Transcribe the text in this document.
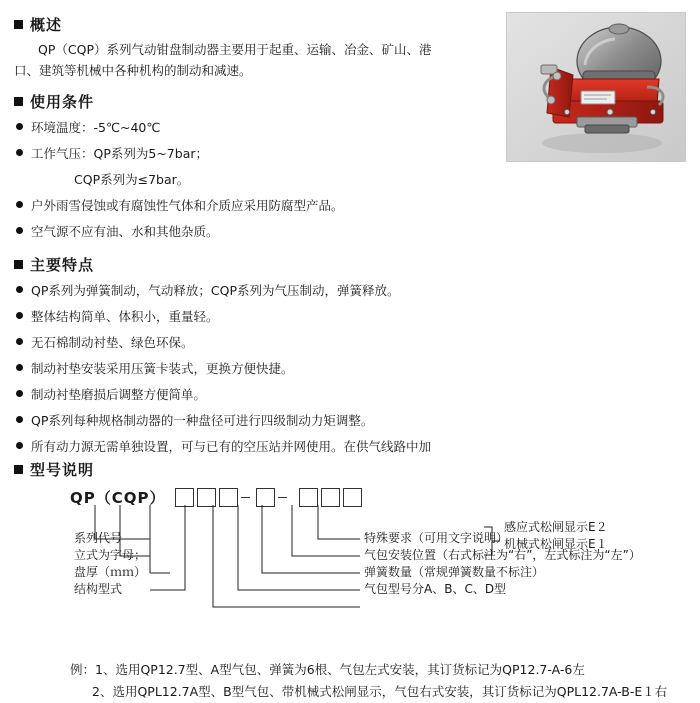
概述

QP（CQP）系列气动钳盘制动器主要用于起重、运输、冶金、矿山、港

口、建筑等机械中各种机构的制动和减速。

使用条件
环境温度：-5℃~40℃
工作气压：QP系列为5~7bar；

CQP系列为≤7bar。

户外雨雪侵蚀或有腐蚀性气体和介质应采用防腐型产品。
空气源不应有油、水和其他杂质。
主要特点
QP系列为弹簧制动，气动释放；CQP系列为气压制动，弹簧释放。
整体结构简单、体积小，重量轻。
无石棉制动衬垫、绿色环保。
制动衬垫安装采用压簧卡装式，更换方便快捷。
制动衬垫磨损后调整方便简单。
QP系列每种规格制动器的一种盘径可进行四级制动力矩调整。
所有动力源无需单独设置，可与已有的空压站并网使用。在供气线路中加
型号说明
QP（CQP）
系列代号
立式为字母；
盘厚（ｍｍ）
结构型式
特殊要求（可用文字说明）
气包安装位置（右式标注为“右”，左式标注为“左”）
弹簧数量（常规弹簧数量不标注）
气包型号分A、B、C、D型
感应式松闸显示E２
机械式松闸显示E１
例：1、选用QP12.7型、A型气包、弹簧为6根、气包左式安装，其订货标记为QP12.7-A-6左
2、选用QPL12.7A型、B型气包、带机械式松闸显示，气包右式安装，其订货标记为QPL12.7A-B-E１右
